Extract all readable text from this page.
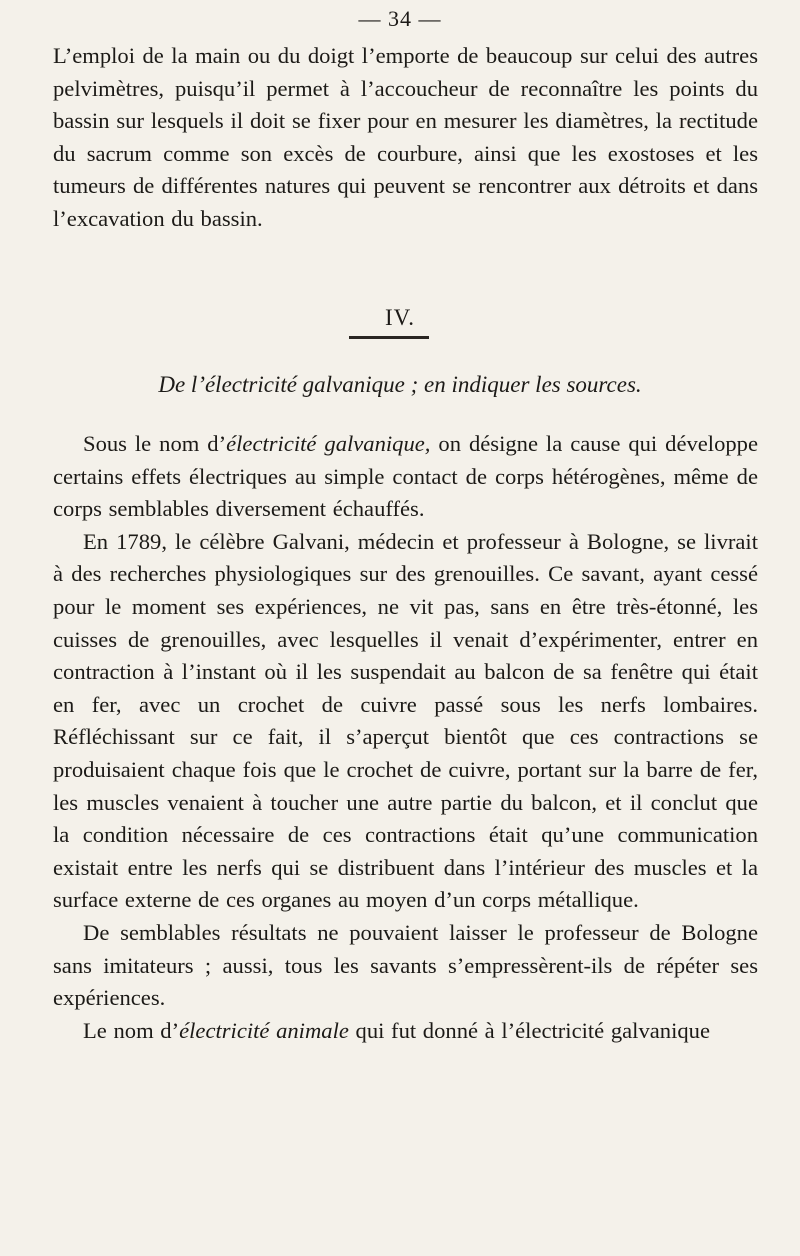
— 34 —

L’emploi de la main ou du doigt l’emporte de beaucoup sur celui des autres pelvimètres, puisqu’il permet à l’accoucheur de reconnaître les points du bassin sur lesquels il doit se fixer pour en mesurer les diamètres, la rectitude du sacrum comme son excès de courbure, ainsi que les exostoses et les tumeurs de différentes natures qui peuvent se rencontrer aux détroits et dans l’excavation du bassin.

IV.
De l’électricité galvanique ; en indiquer les sources.

Sous le nom d’électricité galvanique, on désigne la cause qui développe certains effets électriques au simple contact de corps hétérogènes, même de corps semblables diversement échauffés.

En 1789, le célèbre Galvani, médecin et professeur à Bologne, se livrait à des recherches physiologiques sur des grenouilles. Ce savant, ayant cessé pour le moment ses expériences, ne vit pas, sans en être très-étonné, les cuisses de grenouilles, avec lesquelles il venait d’expérimenter, entrer en contraction à l’instant où il les suspendait au balcon de sa fenêtre qui était en fer, avec un crochet de cuivre passé sous les nerfs lombaires. Réfléchissant sur ce fait, il s’aperçut bientôt que ces contractions se produisaient chaque fois que le crochet de cuivre, portant sur la barre de fer, les muscles venaient à toucher une autre partie du balcon, et il conclut que la condition nécessaire de ces contractions était qu’une communication existait entre les nerfs qui se distribuent dans l’intérieur des muscles et la surface externe de ces organes au moyen d’un corps métallique.

De semblables résultats ne pouvaient laisser le professeur de Bologne sans imitateurs ; aussi, tous les savants s’empressèrent-ils de répéter ses expériences.

Le nom d’électricité animale qui fut donné à l’électricité galvanique
